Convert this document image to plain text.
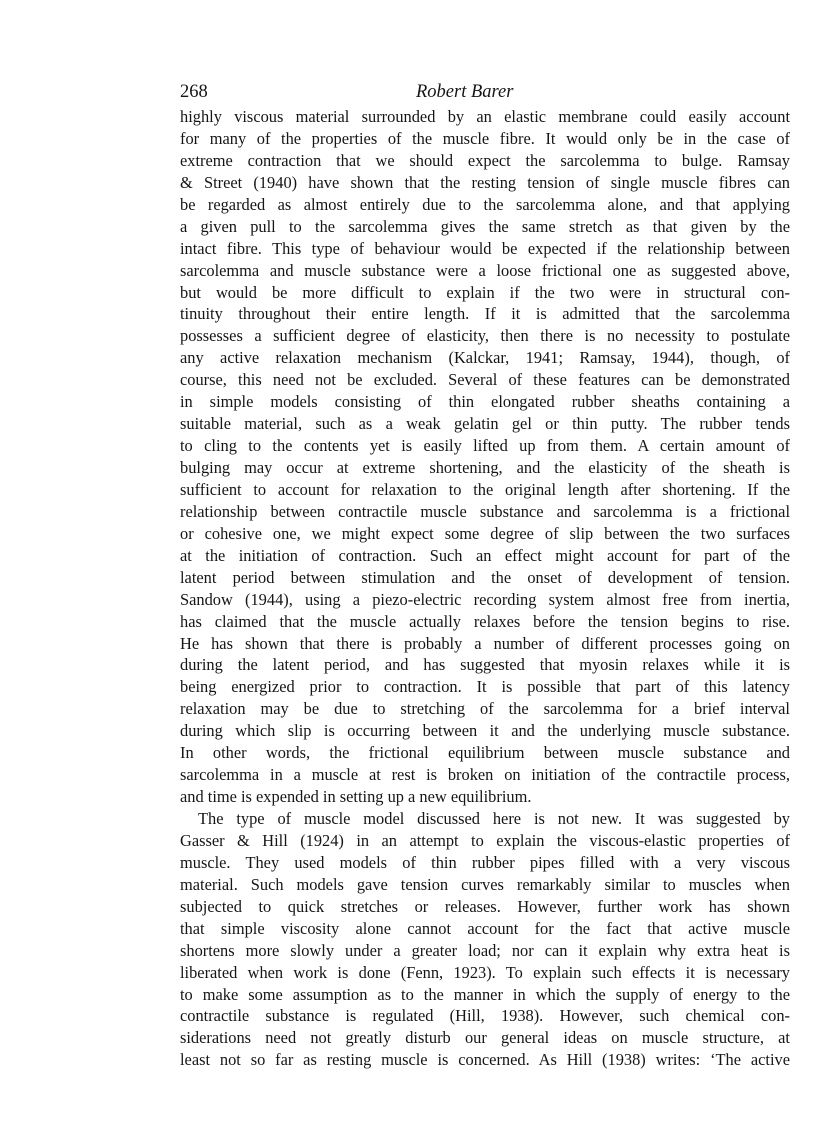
268	Robert Barer
highly viscous material surrounded by an elastic membrane could easily account
for many of the properties of the muscle fibre. It would only be in the case of
extreme contraction that we should expect the sarcolemma to bulge. Ramsay
& Street (1940) have shown that the resting tension of single muscle fibres can
be regarded as almost entirely due to the sarcolemma alone, and that applying
a given pull to the sarcolemma gives the same stretch as that given by the
intact fibre. This type of behaviour would be expected if the relationship between
sarcolemma and muscle substance were a loose frictional one as suggested above,
but would be more difficult to explain if the two were in structural con-
tinuity throughout their entire length. If it is admitted that the sarcolemma
possesses a sufficient degree of elasticity, then there is no necessity to postulate
any active relaxation mechanism (Kalckar, 1941; Ramsay, 1944), though, of
course, this need not be excluded. Several of these features can be demonstrated
in simple models consisting of thin elongated rubber sheaths containing a
suitable material, such as a weak gelatin gel or thin putty. The rubber tends
to cling to the contents yet is easily lifted up from them. A certain amount of
bulging may occur at extreme shortening, and the elasticity of the sheath is
sufficient to account for relaxation to the original length after shortening. If the
relationship between contractile muscle substance and sarcolemma is a frictional
or cohesive one, we might expect some degree of slip between the two surfaces
at the initiation of contraction. Such an effect might account for part of the
latent period between stimulation and the onset of development of tension.
Sandow (1944), using a piezo-electric recording system almost free from inertia,
has claimed that the muscle actually relaxes before the tension begins to rise.
He has shown that there is probably a number of different processes going on
during the latent period, and has suggested that myosin relaxes while it is
being energized prior to contraction. It is possible that part of this latency
relaxation may be due to stretching of the sarcolemma for a brief interval
during which slip is occurring between it and the underlying muscle substance.
In other words, the frictional equilibrium between muscle substance and
sarcolemma in a muscle at rest is broken on initiation of the contractile process,
and time is expended in setting up a new equilibrium.
The type of muscle model discussed here is not new. It was suggested by
Gasser & Hill (1924) in an attempt to explain the viscous-elastic properties of
muscle. They used models of thin rubber pipes filled with a very viscous
material. Such models gave tension curves remarkably similar to muscles when
subjected to quick stretches or releases. However, further work has shown
that simple viscosity alone cannot account for the fact that active muscle
shortens more slowly under a greater load; nor can it explain why extra heat is
liberated when work is done (Fenn, 1923). To explain such effects it is necessary
to make some assumption as to the manner in which the supply of energy to the
contractile substance is regulated (Hill, 1938). However, such chemical con-
siderations need not greatly disturb our general ideas on muscle structure, at
least not so far as resting muscle is concerned. As Hill (1938) writes: ‘The active
